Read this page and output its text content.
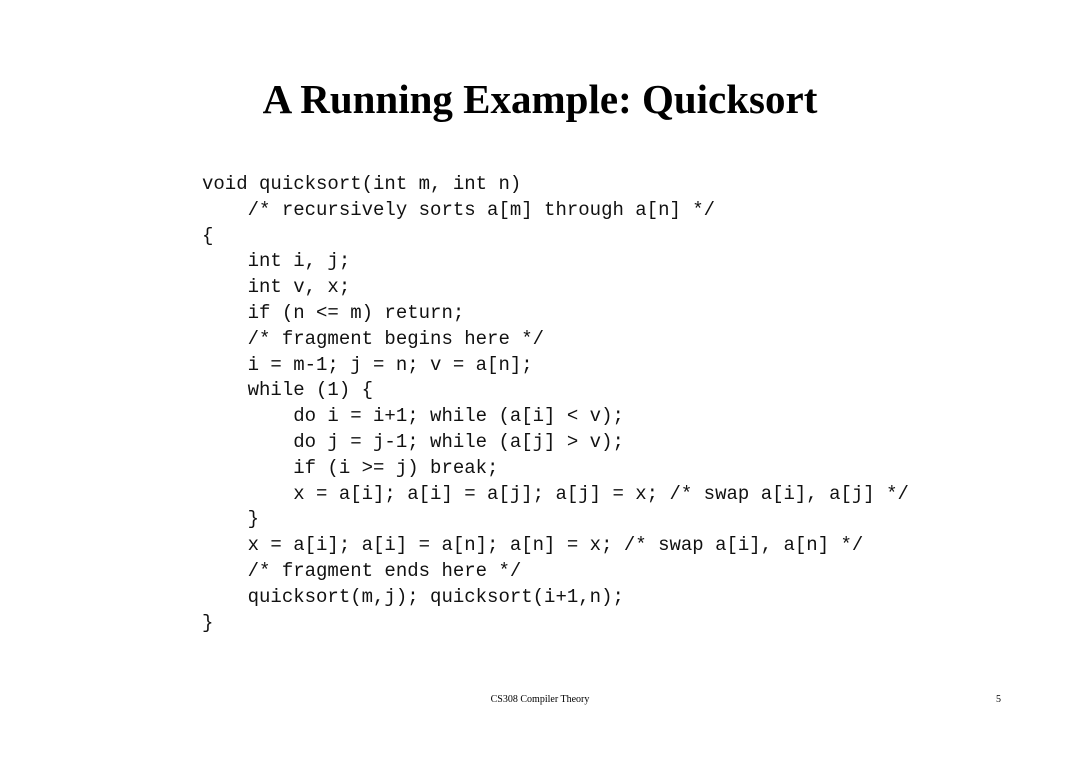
A Running Example: Quicksort
void quicksort(int m, int n)
/* recursively sorts a[m] through a[n] */
{
int i, j;
int v, x;
if (n <= m) return;
/* fragment begins here */
i = m-1; j = n; v = a[n];
while (1) {
do i = i+1; while (a[i] < v);
do j = j-1; while (a[j] > v);
if (i >= j) break;
x = a[i]; a[i] = a[j]; a[j] = x; /* swap a[i], a[j] */
}
x = a[i]; a[i] = a[n]; a[n] = x; /* swap a[i], a[n] */
/* fragment ends here */
quicksort(m,j); quicksort(i+1,n);
}
CS308 Compiler Theory	5
